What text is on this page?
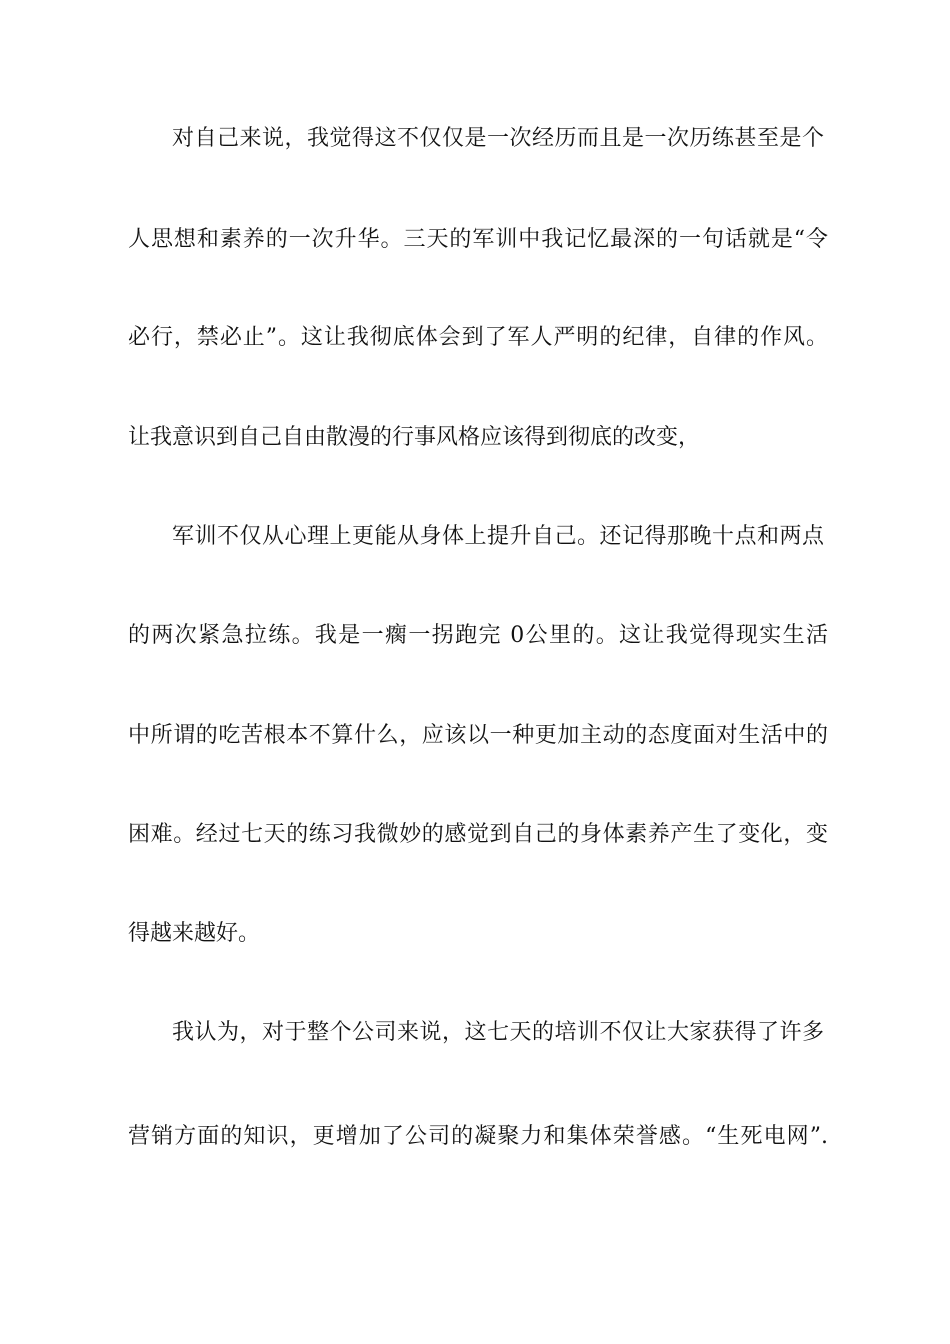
对自己来说，我觉得这不仅仅是一次经历而且是一次历练甚至是个
人思想和素养的一次升华。三天的军训中我记忆最深的一句话就是“令
必行，禁必止”。这让我彻底体会到了军人严明的纪律，自律的作风。
让我意识到自己自由散漫的行事风格应该得到彻底的改变，
军训不仅从心理上更能从身体上提升自己。还记得那晚十点和两点
的两次紧急拉练。我是一瘸一拐跑完 0公里的。这让我觉得现实生活
中所谓的吃苦根本不算什么，应该以一种更加主动的态度面对生活中的
困难。经过七天的练习我微妙的感觉到自己的身体素养产生了变化，变
得越来越好。
我认为，对于整个公司来说，这七天的培训不仅让大家获得了许多
营销方面的知识，更增加了公司的凝聚力和集体荣誉感。“生死电网”.
